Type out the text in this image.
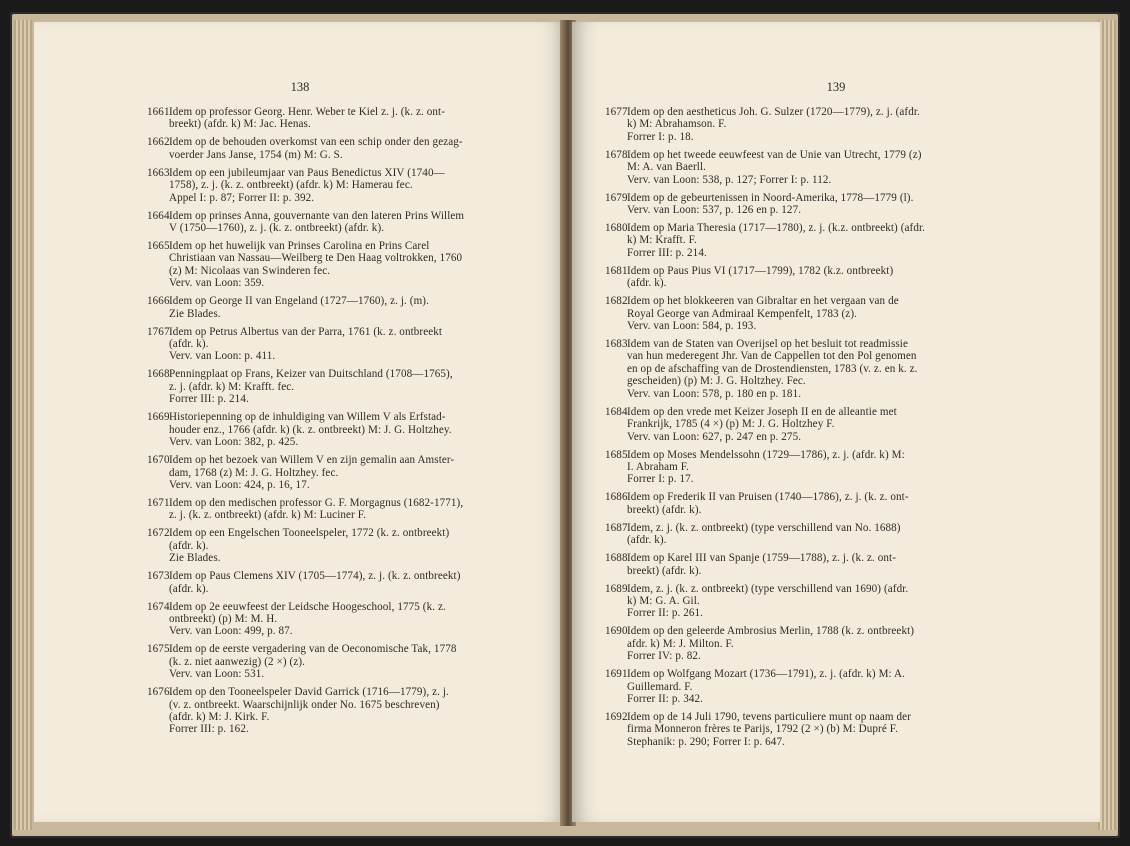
138
1661 Idem op professor Georg. Henr. Weber te Kiel z. j. (k. z. ont-
breekt) (afdr. k) M: Jac. Henas.
1662 Idem op de behouden overkomst van een schip onder den gezag-
voerder Jans Janse, 1754 (m) M: G. S.
1663 Idem op een jubileumjaar van Paus Benedictus XIV (1740—
1758), z. j. (k. z. ontbreekt) (afdr. k) M: Hamerau fec.
Appel I: p. 87; Forrer II: p. 392.
1664 Idem op prinses Anna, gouvernante van den lateren Prins Willem
V (1750—1760), z. j. (k. z. ontbreekt) (afdr. k).
1665 Idem op het huwelijk van Prinses Carolina en Prins Carel
Christiaan van Nassau—Weilberg te Den Haag voltrokken, 1760
(z) M: Nicolaas van Swinderen fec.
Verv. van Loon: 359.
1666 Idem op George II van Engeland (1727—1760), z. j. (m).
Zie Blades.
1767 Idem op Petrus Albertus van der Parra, 1761 (k. z. ontbreekt
(afdr. k).
Verv. van Loon: p. 411.
1668 Penningplaat op Frans, Keizer van Duitschland (1708—1765),
z. j. (afdr. k) M: Krafft. fec.
Forrer III: p. 214.
1669 Historiepenning op de inhuldiging van Willem V als Erfstad-
houder enz., 1766 (afdr. k) (k. z. ontbreekt) M: J. G. Holtzhey.
Verv. van Loon: 382, p. 425.
1670 Idem op het bezoek van Willem V en zijn gemalin aan Amster-
dam, 1768 (z) M: J. G. Holtzhey. fec.
Verv. van Loon: 424, p. 16, 17.
1671 Idem op den medischen professor G. F. Morgagnus (1682-1771),
z. j. (k. z. ontbreekt) (afdr. k) M: Luciner F.
1672 Idem op een Engelschen Tooneelspeler, 1772 (k. z. ontbreekt)
(afdr. k).
Zie Blades.
1673 Idem op Paus Clemens XIV (1705—1774), z. j. (k. z. ontbreekt)
(afdr. k).
1674 Idem op 2e eeuwfeest der Leidsche Hoogeschool, 1775 (k. z.
ontbreekt) (p) M: M. H.
Verv. van Loon: 499, p. 87.
1675 Idem op de eerste vergadering van de Oeconomische Tak, 1778
(k. z. niet aanwezig) (2 ×) (z).
Verv. van Loon: 531.
1676 Idem op den Tooneelspeler David Garrick (1716—1779), z. j.
(v. z. ontbreekt. Waarschijnlijk onder No. 1675 beschreven)
(afdr. k) M: J. Kirk. F.
Forrer III: p. 162.
139
1677 Idem op den aestheticus Joh. G. Sulzer (1720—1779), z. j. (afdr.
k) M: Abrahamson. F.
Forrer I: p. 18.
1678 Idem op het tweede eeuwfeest van de Unie van Utrecht, 1779 (z)
M: A. van Baerll.
Verv. van Loon: 538, p. 127; Forrer I: p. 112.
1679 Idem op de gebeurtenissen in Noord-Amerika, 1778—1779 (l).
Verv. van Loon: 537, p. 126 en p. 127.
1680 Idem op Maria Theresia (1717—1780), z. j. (k.z. ontbreekt) (afdr.
k) M: Krafft. F.
Forrer III: p. 214.
1681 Idem op Paus Pius VI (1717—1799), 1782 (k.z. ontbreekt)
(afdr. k).
1682 Idem op het blokkeeren van Gibraltar en het vergaan van de
Royal George van Admiraal Kempenfelt, 1783 (z).
Verv. van Loon: 584, p. 193.
1683 Idem van de Staten van Overijsel op het besluit tot readmissie
van hun mederegent Jhr. Van de Cappellen tot den Pol genomen
en op de afschaffing van de Drostendiensten, 1783 (v. z. en k. z.
gescheiden) (p) M: J. G. Holtzhey. Fec.
Verv. van Loon: 578, p. 180 en p. 181.
1684 Idem op den vrede met Keizer Joseph II en de alleantie met
Frankrijk, 1785 (4 ×) (p) M: J. G. Holtzhey F.
Verv. van Loon: 627, p. 247 en p. 275.
1685 Idem op Moses Mendelssohn (1729—1786), z. j. (afdr. k) M:
I. Abraham F.
Forrer I: p. 17.
1686 Idem op Frederik II van Pruisen (1740—1786), z. j. (k. z. ont-
breekt) (afdr. k).
1687 Idem, z. j. (k. z. ontbreekt) (type verschillend van No. 1688)
(afdr. k).
1688 Idem op Karel III van Spanje (1759—1788), z. j. (k. z. ont-
breekt) (afdr. k).
1689 Idem, z. j. (k. z. ontbreekt) (type verschillend van 1690) (afdr.
k) M: G. A. Gil.
Forrer II: p. 261.
1690 Idem op den geleerde Ambrosius Merlin, 1788 (k. z. ontbreekt)
afdr. k) M: J. Milton. F.
Forrer IV: p. 82.
1691 Idem op Wolfgang Mozart (1736—1791), z. j. (afdr. k) M: A.
Guillemard. F.
Forrer II: p. 342.
1692 Idem op de 14 Juli 1790, tevens particuliere munt op naam der
firma Monneron frères te Parijs, 1792 (2 ×) (b) M: Dupré F.
Stephanik: p. 290; Forrer I: p. 647.
